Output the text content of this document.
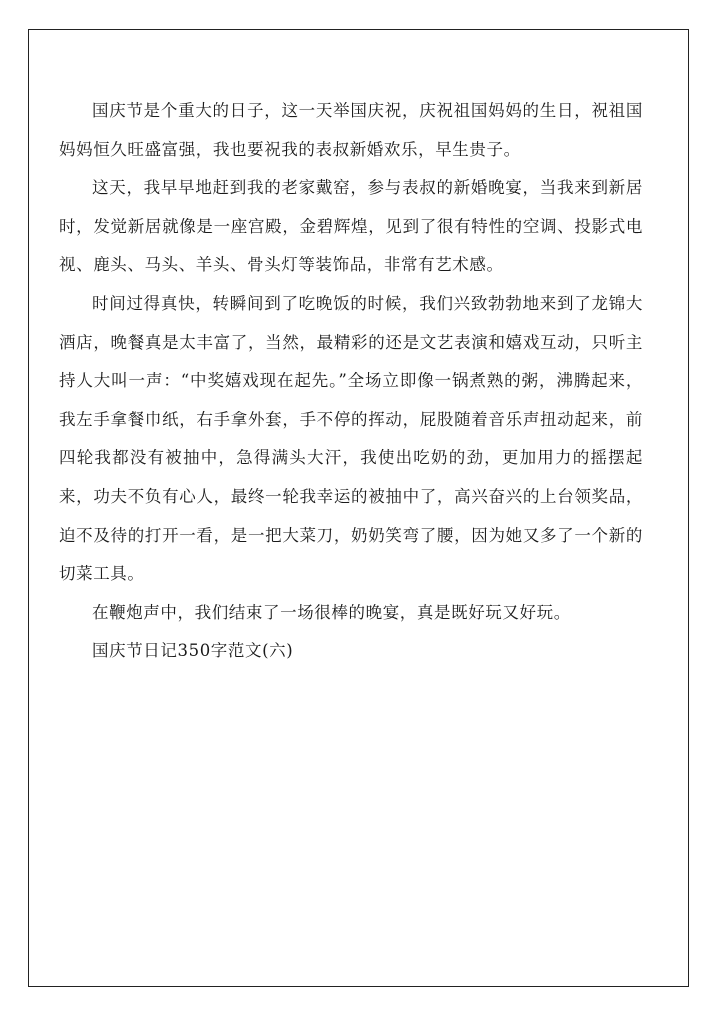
国庆节是个重大的日子，这一天举国庆祝，庆祝祖国妈妈的生日，祝祖国妈妈恒久旺盛富强，我也要祝我的表叔新婚欢乐，早生贵子。

这天，我早早地赶到我的老家戴窑，参与表叔的新婚晚宴，当我来到新居时，发觉新居就像是一座宫殿，金碧辉煌，见到了很有特性的空调、投影式电视、鹿头、马头、羊头、骨头灯等装饰品，非常有艺术感。

时间过得真快，转瞬间到了吃晚饭的时候，我们兴致勃勃地来到了龙锦大酒店，晚餐真是太丰富了，当然，最精彩的还是文艺表演和嬉戏互动，只听主持人大叫一声：“中奖嬉戏现在起先。”全场立即像一锅煮熟的粥，沸腾起来，我左手拿餐巾纸，右手拿外套，手不停的挥动，屁股随着音乐声扭动起来，前四轮我都没有被抽中，急得满头大汗，我使出吃奶的劲，更加用力的摇摆起来，功夫不负有心人，最终一轮我幸运的被抽中了，高兴奋兴的上台领奖品，迫不及待的打开一看，是一把大菜刀，奶奶笑弯了腰，因为她又多了一个新的切菜工具。

在鞭炮声中，我们结束了一场很棒的晚宴，真是既好玩又好玩。

国庆节日记350字范文(六)
